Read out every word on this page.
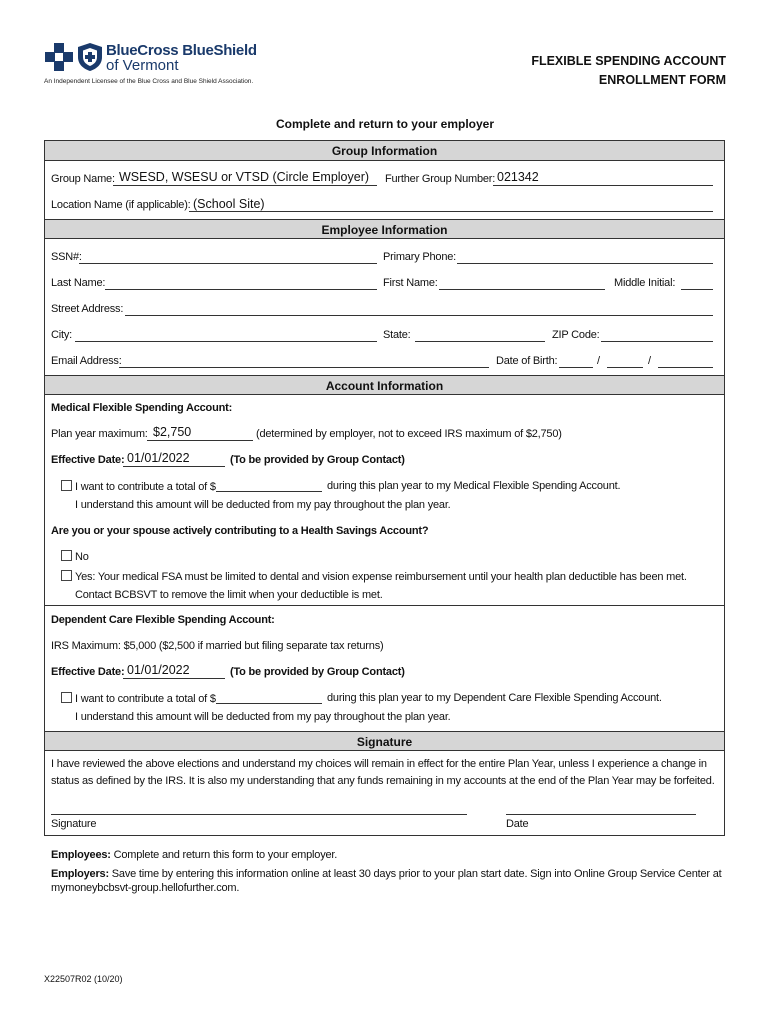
BlueCross BlueShield
of Vermont
An Independent Licensee of the Blue Cross and Blue Shield Association.
FLEXIBLE SPENDING ACCOUNT
ENROLLMENT FORM
Complete and return to your employer
Group Information
Group Name: WSESD, WSESU or VTSD (Circle Employer) Further Group Number: 021342
Location Name (if applicable): (School Site)
Employee Information
SSN#:	Primary Phone:
Last Name:	First Name:	Middle Initial:
Street Address:
City:	State:	ZIP Code:
Email Address:	Date of Birth:	/	/
Account Information
Medical Flexible Spending Account:
Plan year maximum: $2,750	(determined by employer, not to exceed IRS maximum of $2,750)
Effective Date: 01/01/2022	(To be provided by Group Contact)
I want to contribute a total of $	during this plan year to my Medical Flexible Spending Account.
I understand this amount will be deducted from my pay throughout the plan year.
Are you or your spouse actively contributing to a Health Savings Account?
No
Yes: Your medical FSA must be limited to dental and vision expense reimbursement until your health plan deductible has been met.
Contact BCBSVT to remove the limit when your deductible is met.
Dependent Care Flexible Spending Account:
IRS Maximum: $5,000 ($2,500 if married but filing separate tax returns)
Effective Date: 01/01/2022	(To be provided by Group Contact)
I want to contribute a total of $	during this plan year to my Dependent Care Flexible Spending Account.
I understand this amount will be deducted from my pay throughout the plan year.
Signature
I have reviewed the above elections and understand my choices will remain in effect for the entire Plan Year, unless I experience a change in
status as defined by the IRS. It is also my understanding that any funds remaining in my accounts at the end of the Plan Year may be forfeited.
Signature	Date
Employees: Complete and return this form to your employer.
Employers: Save time by entering this information online at least 30 days prior to your plan start date. Sign into Online Group Service Center at
mymoneybcbsvt-group.hellofurther.com.
X22507R02 (10/20)
